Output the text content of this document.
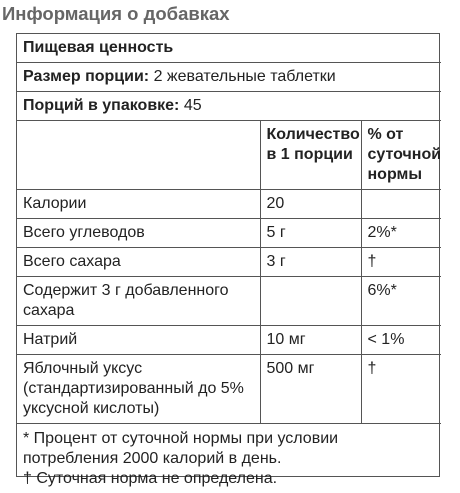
Информация о добавках
Пищевая ценность		
Размер порции: 2 жевательные таблетки		
Порций в упаковке: 45		
	Количество в 1 порции	% от суточной нормы
Калории	20	
Всего углеводов	5 г	2%*
Всего сахара	3 г	†
Содержит 3 г добавленного сахара		6%*
Натрий	10 мг	< 1%
Яблочный уксус (стандартизированный до 5% уксусной кислоты)	500 мг	†

* Процент от суточной нормы при условии потребления 2000 калорий в день.
† Суточная норма не определена.		
